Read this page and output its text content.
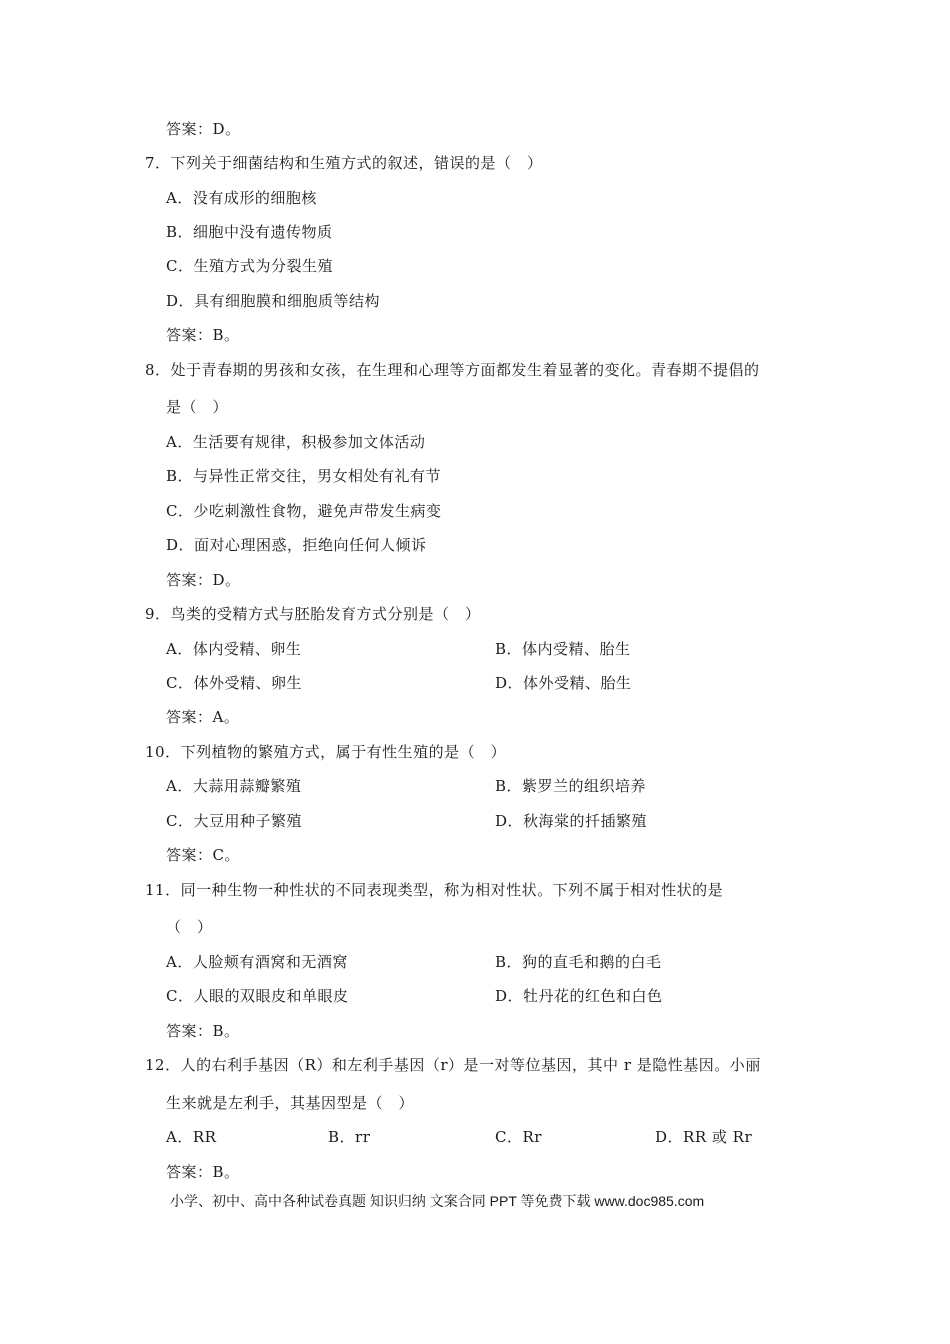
答案：D。
7．下列关于细菌结构和生殖方式的叙述，错误的是（　）
A．没有成形的细胞核
B．细胞中没有遗传物质
C．生殖方式为分裂生殖
D．具有细胞膜和细胞质等结构
答案：B。
8．处于青春期的男孩和女孩，在生理和心理等方面都发生着显著的变化。青春期不提倡的
是（　）
A．生活要有规律，积极参加文体活动
B．与异性正常交往，男女相处有礼有节
C．少吃刺激性食物，避免声带发生病变
D．面对心理困惑，拒绝向任何人倾诉
答案：D。
9．鸟类的受精方式与胚胎发育方式分别是（　）
A．体内受精、卵生	B．体内受精、胎生
C．体外受精、卵生	D．体外受精、胎生
答案：A。
10．下列植物的繁殖方式，属于有性生殖的是（　）
A．大蒜用蒜瓣繁殖	B．紫罗兰的组织培养
C．大豆用种子繁殖	D．秋海棠的扦插繁殖
答案：C。
11．同一种生物一种性状的不同表现类型，称为相对性状。下列不属于相对性状的是
（　）
A．人脸颊有酒窝和无酒窝	B．狗的直毛和鹅的白毛
C．人眼的双眼皮和单眼皮	D．牡丹花的红色和白色
答案：B。
12．人的右利手基因（R）和左利手基因（r）是一对等位基因，其中 r 是隐性基因。小丽
生来就是左利手，其基因型是（　）
A．RR	B．rr	C．Rr	D．RR 或 Rr
答案：B。
小学、初中、高中各种试卷真题 知识归纳 文案合同 PPT 等免费下载 www.doc985.com
